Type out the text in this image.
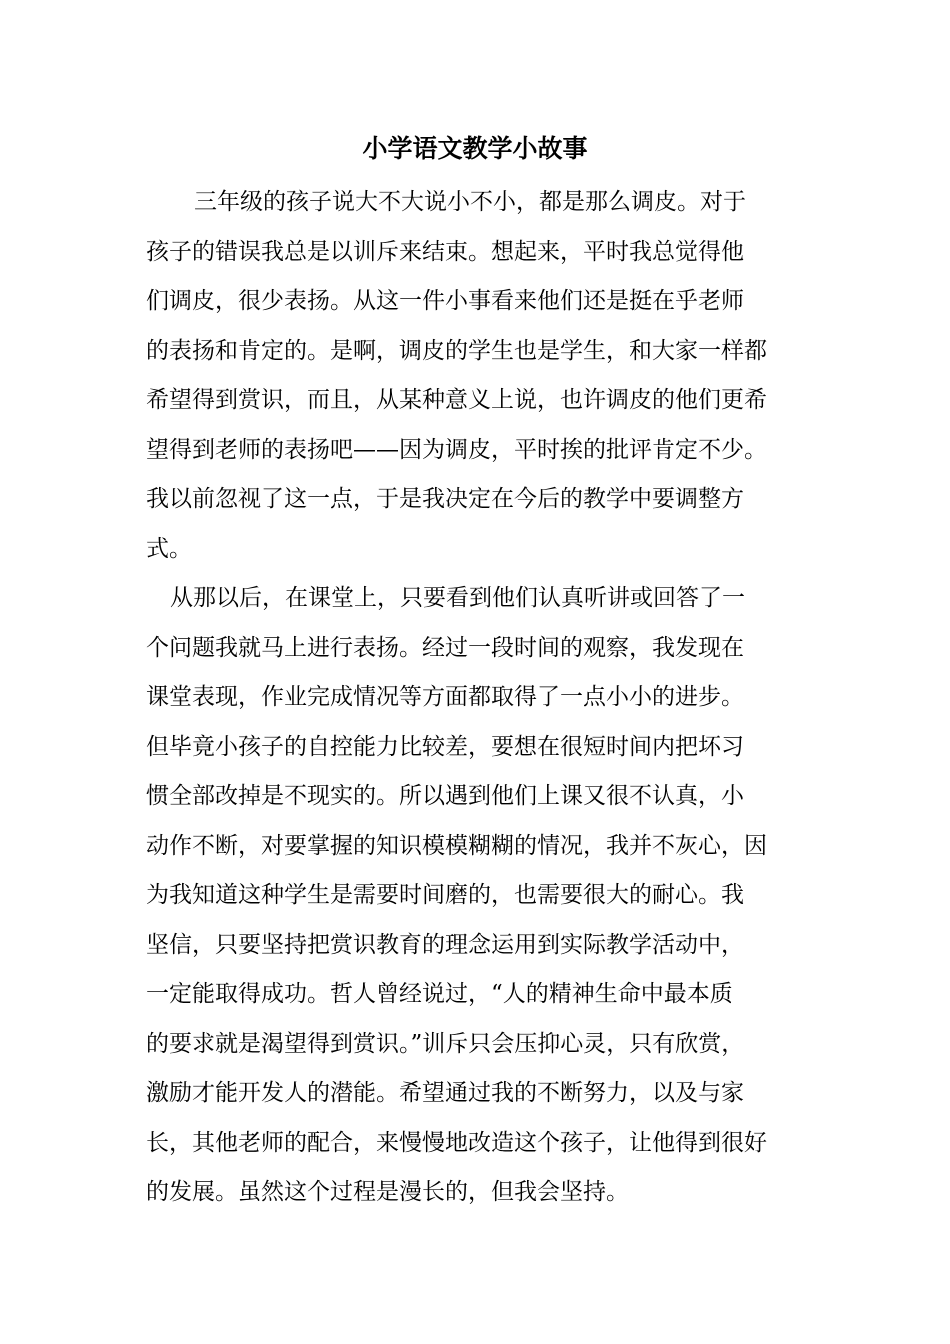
小学语文教学小故事
三年级的孩子说大不大说小不小，都是那么调皮。对于
孩子的错误我总是以训斥来结束。想起来，平时我总觉得他
们调皮，很少表扬。从这一件小事看来他们还是挺在乎老师
的表扬和肯定的。是啊，调皮的学生也是学生，和大家一样都
希望得到赏识，而且，从某种意义上说，也许调皮的他们更希
望得到老师的表扬吧——因为调皮，平时挨的批评肯定不少。
我以前忽视了这一点，于是我决定在今后的教学中要调整方
式。
从那以后，在课堂上，只要看到他们认真听讲或回答了一
个问题我就马上进行表扬。经过一段时间的观察，我发现在
课堂表现，作业完成情况等方面都取得了一点小小的进步。
但毕竟小孩子的自控能力比较差，要想在很短时间内把坏习
惯全部改掉是不现实的。所以遇到他们上课又很不认真，小
动作不断，对要掌握的知识模模糊糊的情况，我并不灰心，因
为我知道这种学生是需要时间磨的，也需要很大的耐心。我
坚信，只要坚持把赏识教育的理念运用到实际教学活动中，
一定能取得成功。哲人曾经说过，“人的精神生命中最本质
的要求就是渴望得到赏识。”训斥只会压抑心灵，只有欣赏，
激励才能开发人的潜能。希望通过我的不断努力，以及与家
长，其他老师的配合，来慢慢地改造这个孩子，让他得到很好
的发展。虽然这个过程是漫长的，但我会坚持。
